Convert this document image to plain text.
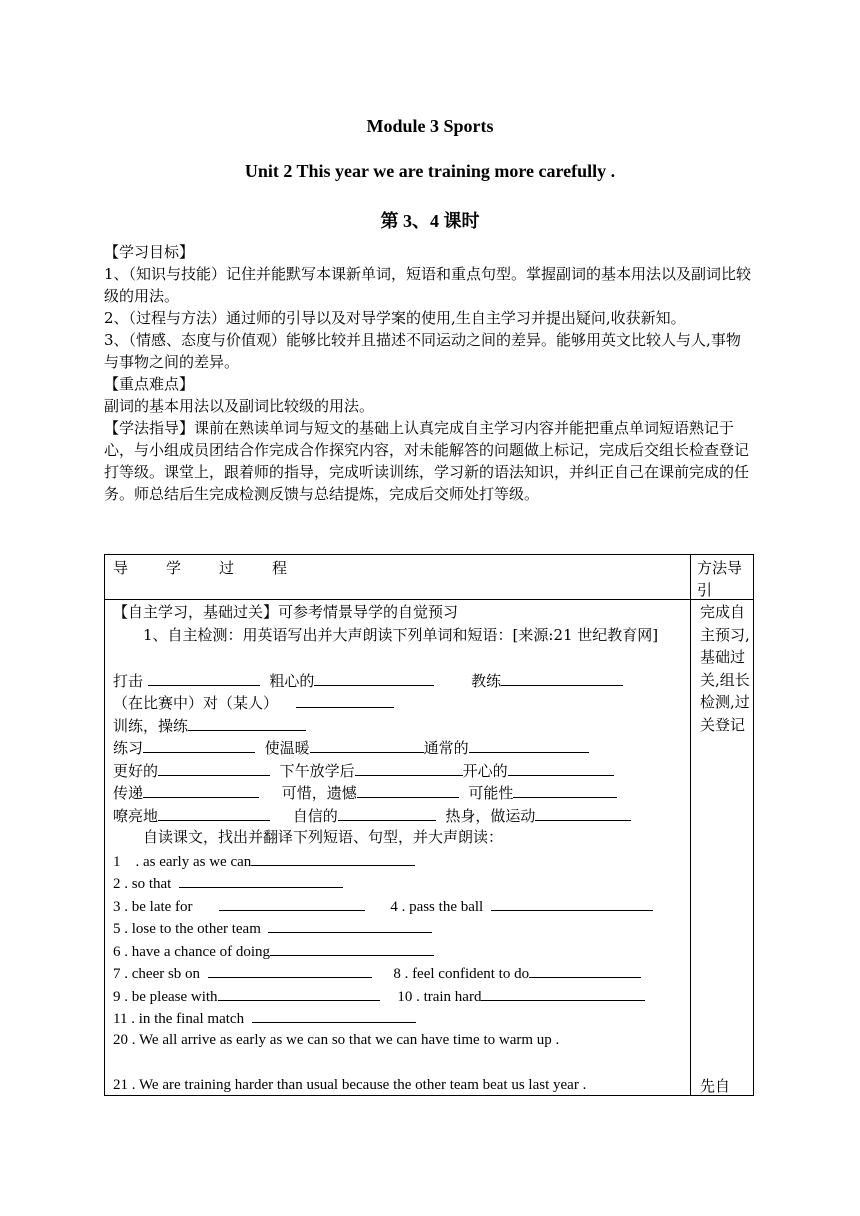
Module 3 Sports
Unit 2 This year we are training more carefully .
第 3、4 课时

【学习目标】

1、（知识与技能）记住并能默写本课新单词，短语和重点句型。掌握副词的基本用法以及副词比较级的用法。

2、（过程与方法）通过师的引导以及对导学案的使用,生自主学习并提出疑问,收获新知。

3、（情感、态度与价值观）能够比较并且描述不同运动之间的差异。能够用英文比较人与人,事物与事物之间的差异。

【重点难点】

副词的基本用法以及副词比较级的用法。

【学法指导】课前在熟读单词与短文的基础上认真完成自主学习内容并能把重点单词短语熟记于心，与小组成员团结合作完成合作探究内容，对未能解答的问题做上标记，完成后交组长检查登记打等级。课堂上，跟着师的指导，完成听读训练，学习新的语法知识，并纠正自己在课前完成的任务。师总结后生完成检测反馈与总结提炼，完成后交师处打等级。

导	学	过	程	方法导引
【自主学习，基础过关】可参考情景导学的自觉预习
1、自主检测：用英语写出并大声朗读下列单词和短语：[来源:21 世纪教育网]
打击	粗心的	教练
（在比赛中）对（某人）
训练，操练
练习	使温暖	通常的
更好的	下午放学后	开心的
传递	可惜，遗憾	可能性
嘹亮地	自信的	热身，做运动
自读课文，找出并翻译下列短语、句型，并大声朗读：
1　. as early as we can
2 . so that
3 . be late for	4 . pass the ball
5 . lose to the other team
6 . have a chance of doing
7 . cheer sb on	8 . feel confident to do
9 . be please with	10 . train hard
11 . in the final match
20 . We all arrive as early as we can so that we can have time to warm up .
21 . We are training harder than usual because the other team beat us last year .
完成自主预习,基础过关,组长检测,过关登记
先自
